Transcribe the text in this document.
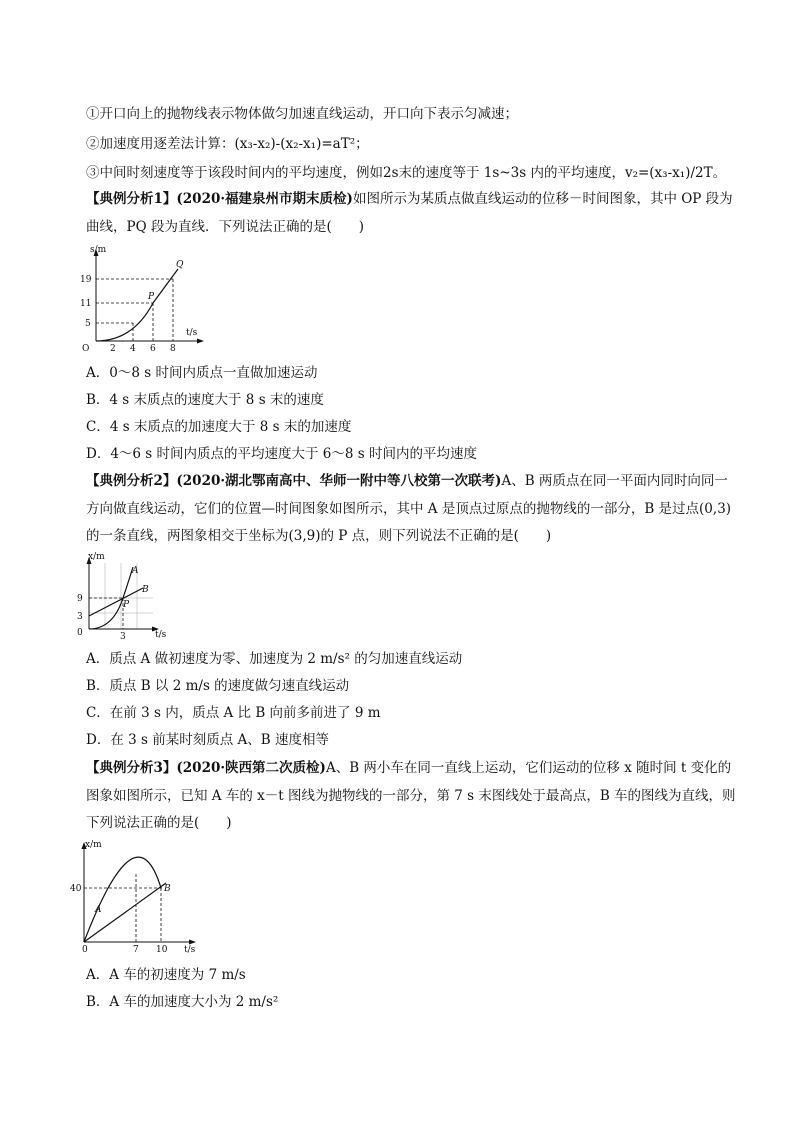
①开口向上的抛物线表示物体做匀加速直线运动，开口向下表示匀减速；
②加速度用逐差法计算：(x₃-x₂)-(x₂-x₁)=aT²；
③中间时刻速度等于该段时间内的平均速度，例如2s末的速度等于 1s~3s 内的平均速度，v₂=(x₃-x₁)/2T。
【典例分析1】(2020·福建泉州市期末质检)如图所示为某质点做直线运动的位移－时间图象，其中 OP 段为
曲线，PQ 段为直线．下列说法正确的是(　　)
s/m
t/s
O
19
11
5
2 4 6 8
P
Q
A．0～8 s 时间内质点一直做加速运动
B．4 s 末质点的速度大于 8 s 末的速度
C．4 s 末质点的加速度大于 8 s 末的加速度
D．4～6 s 时间内质点的平均速度大于 6～8 s 时间内的平均速度
【典例分析2】(2020·湖北鄂南高中、华师一附中等八校第一次联考)A、B 两质点在同一平面内同时向同一
方向做直线运动，它们的位置—时间图象如图所示，其中 A 是顶点过原点的抛物线的一部分，B 是过点(0,3)
的一条直线，两图象相交于坐标为(3,9)的 P 点，则下列说法不正确的是(　　)
x/m
t/s
9
3
0	3
A
B
P
A．质点 A 做初速度为零、加速度为 2 m/s² 的匀加速直线运动
B．质点 B 以 2 m/s 的速度做匀速直线运动
C．在前 3 s 内，质点 A 比 B 向前多前进了 9 m
D．在 3 s 前某时刻质点 A、B 速度相等
【典例分析3】(2020·陕西第二次质检)A、B 两小车在同一直线上运动，它们运动的位移 x 随时间 t 变化的
图象如图所示，已知 A 车的 x－t 图线为抛物线的一部分，第 7 s 末图线处于最高点，B 车的图线为直线，则
下列说法正确的是(　　)
x/m
t/s
0
40
7 10
A
B
A．A 车的初速度为 7 m/s
B．A 车的加速度大小为 2 m/s²
